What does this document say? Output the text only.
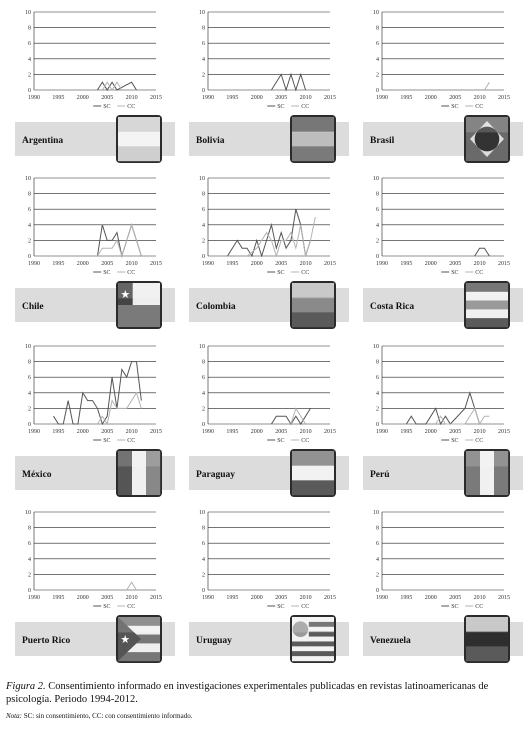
0
2
4
6
8
10
1990 1995 2000 2005 2010 2015
SC	CC
Argentina
0
2
4
6
8
10
1990 1995 2000 2005 2010 2015
SC	CC
Bolivia
0
2
4
6
8
10
1990 1995 2000 2005 2010 2015
SC	CC
Brasil
0
2
4
6
8
10
1990 1995 2000 2005 2010 2015
SC	CC
Chile
★
0
2
4
6
8
10
1990 1995 2000 2005 2010 2015
SC	CC
Colombia
0
2
4
6
8
10
1990 1995 2000 2005 2010 2015
SC	CC
Costa Rica
0
2
4
6
8
10
1990 1995 2000 2005 2010 2015
SC	CC
México
0
2
4
6
8
10
1990 1995 2000 2005 2010 2015
SC	CC
Paraguay
0
2
4
6
8
10
1990 1995 2000 2005 2010 2015
SC	CC
Perú
0
2
4
6
8
10
1990 1995 2000 2005 2010 2015
SC	CC
Puerto Rico	★
0
2
4
6
8
10
1990 1995 2000 2005 2010 2015
SC	CC
Uruguay
0
2
4
6
8
10
1990 1995 2000 2005 2010 2015
SC	CC
Venezuela
Figura 2. Consentimiento informado en investigaciones experimentales publicadas en revistas latinoamericanas de psicología. Periodo 1994-2012.
Nota: SC: sin consentimiento, CC: con consentimiento informado.
